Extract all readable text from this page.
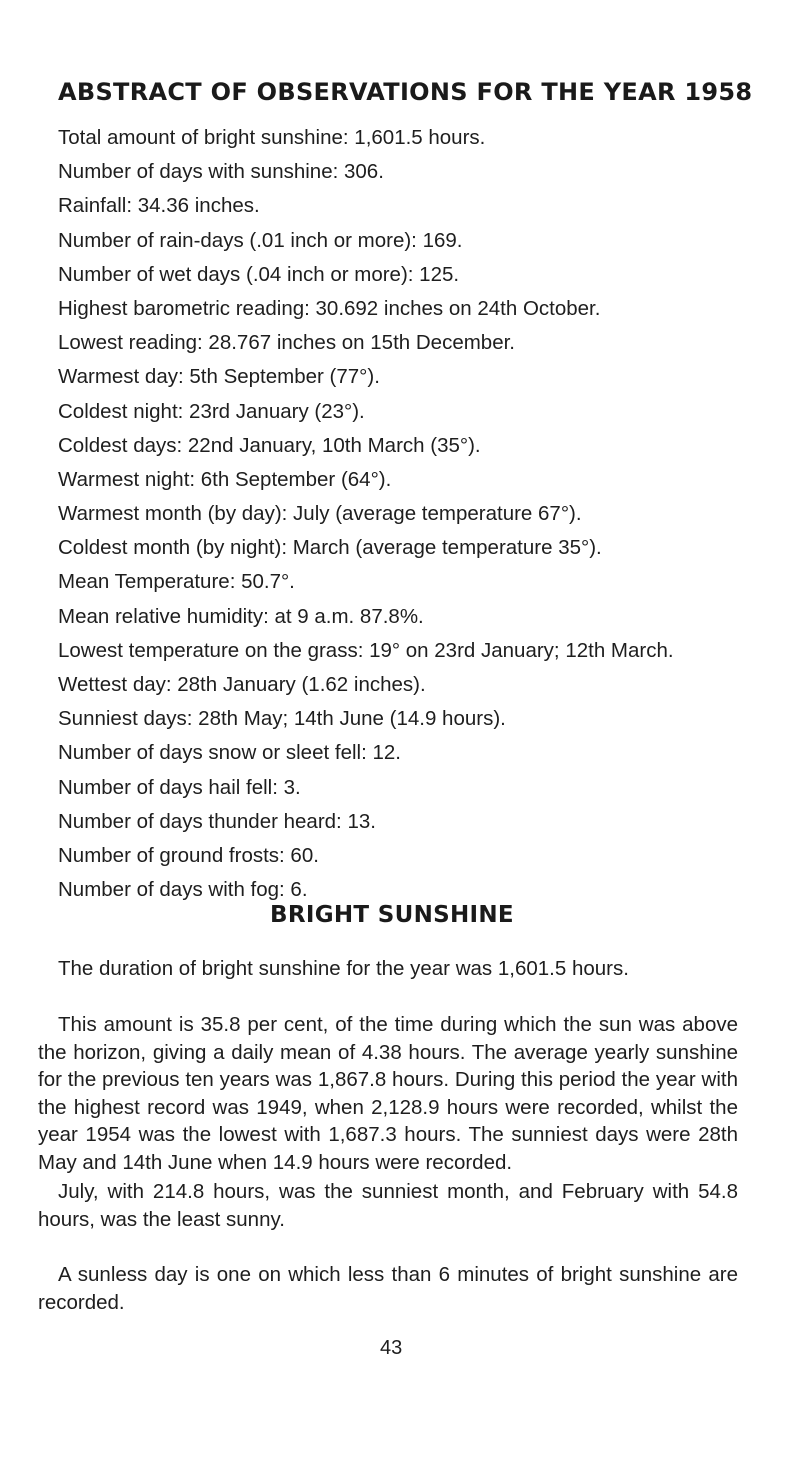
ABSTRACT OF OBSERVATIONS FOR THE YEAR 1958
Total amount of bright sunshine: 1,601.5 hours.
Number of days with sunshine: 306.
Rainfall: 34.36 inches.
Number of rain-days (.01 inch or more): 169.
Number of wet days (.04 inch or more): 125.
Highest barometric reading: 30.692 inches on 24th October.
Lowest reading: 28.767 inches on 15th December.
Warmest day: 5th September (77°).
Coldest night: 23rd January (23°).
Coldest days: 22nd January, 10th March (35°).
Warmest night: 6th September (64°).
Warmest month (by day): July (average temperature 67°).
Coldest month (by night): March (average temperature 35°).
Mean Temperature: 50.7°.
Mean relative humidity: at 9 a.m. 87.8%.
Lowest temperature on the grass: 19° on 23rd January; 12th March.
Wettest day: 28th January (1.62 inches).
Sunniest days: 28th May; 14th June (14.9 hours).
Number of days snow or sleet fell: 12.
Number of days hail fell: 3.
Number of days thunder heard: 13.
Number of ground frosts: 60.
Number of days with fog: 6.
BRIGHT SUNSHINE

The duration of bright sunshine for the year was 1,601.5 hours.

This amount is 35.8 per cent, of the time during which the sun was above the horizon, giving a daily mean of 4.38 hours. The average yearly sunshine for the previous ten years was 1,867.8 hours. During this period the year with the highest record was 1949, when 2,128.9 hours were recorded, whilst the year 1954 was the lowest with 1,687.3 hours. The sunniest days were 28th May and 14th June when 14.9 hours were recorded.

July, with 214.8 hours, was the sunniest month, and February with 54.8 hours, was the least sunny.

A sunless day is one on which less than 6 minutes of bright sunshine are recorded.

43
